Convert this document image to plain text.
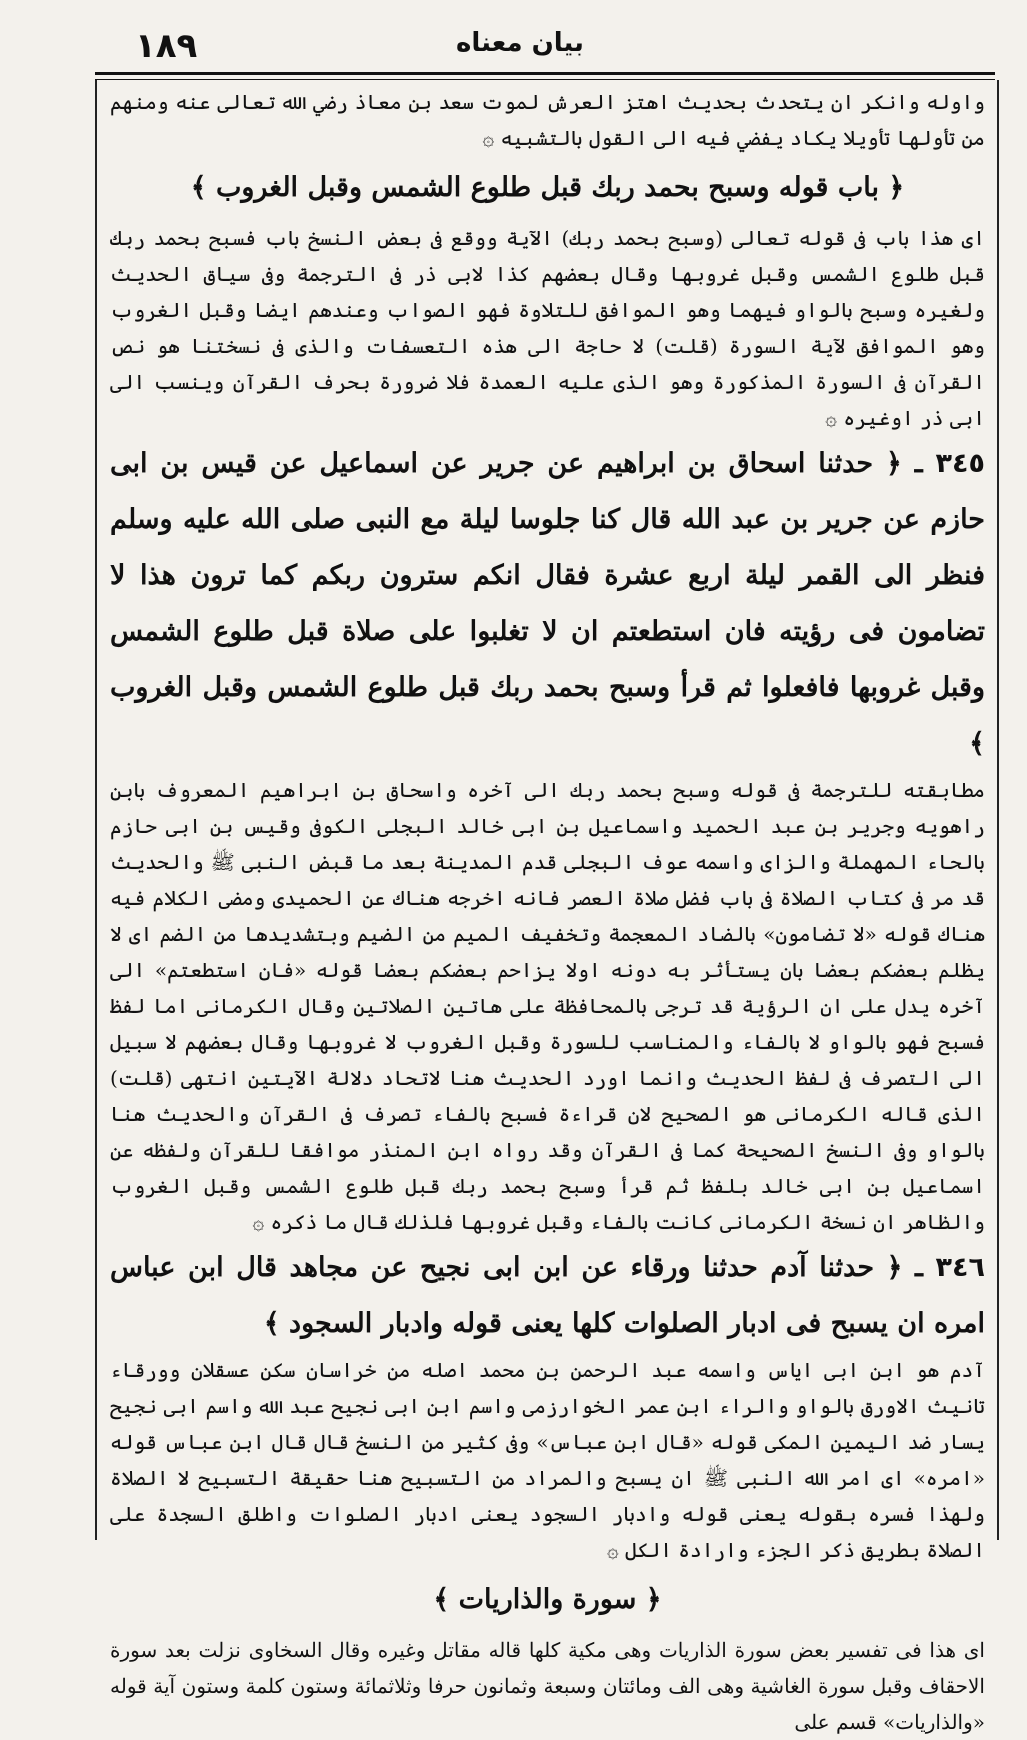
۱۸۹	بيان معناه

واوله وانكر ان يتحدث بحديث اهتز العرش لموت سعد بن معاذ رضي الله تعالى عنه ومنهم من تأولها تأويلا يكاد يفضي فيه الى القول بالتشبيه ۞

﴿ باب قوله وسبح بحمد ربك قبل طلوع الشمس وقبل الغروب ﴾

اى هذا باب فى قوله تعالى (وسبح بحمد ربك) الآية ووقع فى بعض النسخ باب فسبح بحمد ربك قبل طلوع الشمس وقبل غروبها وقال بعضهم كذا لابى ذر فى الترجمة وفى سياق الحديث ولغيره وسبح بالواو فيهما وهو الموافق للتلاوة فهو الصواب وعندهم ايضا وقبل الغروب وهو الموافق لآية السورة (قلت) لا حاجة الى هذه التعسفات والذى فى نسختنا هو نص القرآن فى السورة المذكورة وهو الذى عليه العمدة فلا ضرورة بحرف القرآن وينسب الى ابى ذر اوغيره ۞

٣٤٥ ـ ﴿ حدثنا اسحاق بن ابراهيم عن جرير عن اسماعيل عن قيس بن ابى حازم عن جرير بن عبد الله قال كنا جلوسا ليلة مع النبى صلى الله عليه وسلم فنظر الى القمر ليلة اربع عشرة فقال انكم سترون ربكم كما ترون هذا لا تضامون فى رؤيته فان استطعتم ان لا تغلبوا على صلاة قبل طلوع الشمس وقبل غروبها فافعلوا ثم قرأ وسبح بحمد ربك قبل طلوع الشمس وقبل الغروب ﴾

مطابقته للترجمة فى قوله وسبح بحمد ربك الى آخره واسحاق بن ابراهيم المعروف بابن راهويه وجرير بن عبد الحميد واسماعيل بن ابى خالد البجلى الكوفى وقيس بن ابى حازم بالحاء المهملة والزاى واسمه عوف البجلى قدم المدينة بعد ما قبض النبى ﷺ والحديث قد مر فى كتاب الصلاة فى باب فضل صلاة العصر فانه اخرجه هناك عن الحميدى ومضى الكلام فيه هناك قوله «لا تضامون» بالضاد المعجمة وتخفيف الميم من الضيم وبتشديدها من الضم اى لا يظلم بعضكم بعضا بان يستأثر به دونه اولا يزاحم بعضكم بعضا قوله «فان استطعتم» الى آخره يدل على ان الرؤية قد ترجى بالمحافظة على هاتين الصلاتين وقال الكرمانى اما لفظ فسبح فهو بالواو لا بالفاء والمناسب للسورة وقبل الغروب لا غروبها وقال بعضهم لا سبيل الى التصرف فى لفظ الحديث وانما اورد الحديث هنا لاتحاد دلالة الآيتين انتهى (قلت) الذى قاله الكرمانى هو الصحيح لان قراءة فسبح بالفاء تصرف فى القرآن والحديث هنا بالواو وفى النسخ الصحيحة كما فى القرآن وقد رواه ابن المنذر موافقا للقرآن ولفظه عن اسماعيل بن ابى خالد بلفظ ثم قرأ وسبح بحمد ربك قبل طلوع الشمس وقبل الغروب والظاهر ان نسخة الكرمانى كانت بالفاء وقبل غروبها فلذلك قال ما ذكره ۞

٣٤٦ ـ ﴿ حدثنا آدم حدثنا ورقاء عن ابن ابى نجيح عن مجاهد قال ابن عباس امره ان يسبح فى ادبار الصلوات كلها يعنى قوله وادبار السجود ﴾

آدم هو ابن ابى اياس واسمه عبد الرحمن بن محمد اصله من خراسان سكن عسقلان وورقاء تانيث الاورق بالواو والراء ابن عمر الخوارزمى واسم ابن ابى نجيح عبد الله واسم ابى نجيح يسار ضد اليمين المكى قوله «قال ابن عباس» وفى كثير من النسخ قال قال ابن عباس قوله «امره» اى امر الله النبى ﷺ ان يسبح والمراد من التسبيح هنا حقيقة التسبيح لا الصلاة ولهذا فسره بقوله يعنى قوله وادبار السجود يعنى ادبار الصلوات واطلق السجدة على الصلاة بطريق ذكر الجزء وارادة الكل ۞

﴿ سورة والذاريات ﴾

اى هذا فى تفسير بعض سورة الذاريات وهى مكية كلها قاله مقاتل وغيره وقال السخاوى نزلت بعد سورة الاحقاف وقبل سورة الغاشية وهى الف ومائتان وسبعة وثمانون حرفا وثلاثمائة وستون كلمة وستون آية قوله «والذاريات» قسم على
